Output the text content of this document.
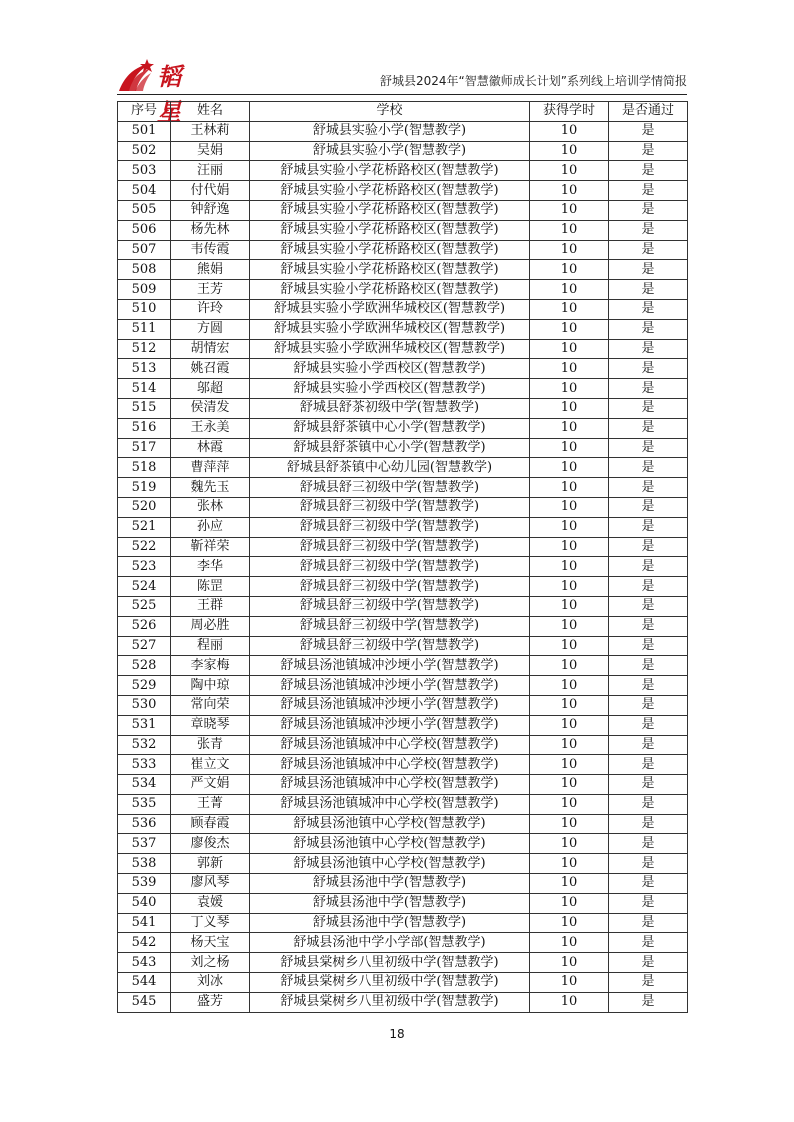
韬星
舒城县2024年“智慧徽师成长计划”系列线上培训学情简报
序号	姓名	学校	获得学时	是否通过
501	王林莉	舒城县实验小学(智慧教学)	10	是
502	吴娟	舒城县实验小学(智慧教学)	10	是
503	汪丽	舒城县实验小学花桥路校区(智慧教学)	10	是
504	付代娟	舒城县实验小学花桥路校区(智慧教学)	10	是
505	钟舒逸	舒城县实验小学花桥路校区(智慧教学)	10	是
506	杨先林	舒城县实验小学花桥路校区(智慧教学)	10	是
507	韦传霞	舒城县实验小学花桥路校区(智慧教学)	10	是
508	熊娟	舒城县实验小学花桥路校区(智慧教学)	10	是
509	王芳	舒城县实验小学花桥路校区(智慧教学)	10	是
510	许玲	舒城县实验小学欧洲华城校区(智慧教学)	10	是
511	方圆	舒城县实验小学欧洲华城校区(智慧教学)	10	是
512	胡情宏	舒城县实验小学欧洲华城校区(智慧教学)	10	是
513	姚召霞	舒城县实验小学西校区(智慧教学)	10	是
514	邬超	舒城县实验小学西校区(智慧教学)	10	是
515	侯清发	舒城县舒茶初级中学(智慧教学)	10	是
516	王永美	舒城县舒茶镇中心小学(智慧教学)	10	是
517	林霞	舒城县舒茶镇中心小学(智慧教学)	10	是
518	曹萍萍	舒城县舒茶镇中心幼儿园(智慧教学)	10	是
519	魏先玉	舒城县舒三初级中学(智慧教学)	10	是
520	张林	舒城县舒三初级中学(智慧教学)	10	是
521	孙应	舒城县舒三初级中学(智慧教学)	10	是
522	靳祥荣	舒城县舒三初级中学(智慧教学)	10	是
523	李华	舒城县舒三初级中学(智慧教学)	10	是
524	陈罡	舒城县舒三初级中学(智慧教学)	10	是
525	王群	舒城县舒三初级中学(智慧教学)	10	是
526	周必胜	舒城县舒三初级中学(智慧教学)	10	是
527	程丽	舒城县舒三初级中学(智慧教学)	10	是
528	李家梅	舒城县汤池镇城冲沙埂小学(智慧教学)	10	是
529	陶中琼	舒城县汤池镇城冲沙埂小学(智慧教学)	10	是
530	常向荣	舒城县汤池镇城冲沙埂小学(智慧教学)	10	是
531	章晓琴	舒城县汤池镇城冲沙埂小学(智慧教学)	10	是
532	张青	舒城县汤池镇城冲中心学校(智慧教学)	10	是
533	崔立文	舒城县汤池镇城冲中心学校(智慧教学)	10	是
534	严文娟	舒城县汤池镇城冲中心学校(智慧教学)	10	是
535	王菁	舒城县汤池镇城冲中心学校(智慧教学)	10	是
536	顾春霞	舒城县汤池镇中心学校(智慧教学)	10	是
537	廖俊杰	舒城县汤池镇中心学校(智慧教学)	10	是
538	郭新	舒城县汤池镇中心学校(智慧教学)	10	是
539	廖风琴	舒城县汤池中学(智慧教学)	10	是
540	袁媛	舒城县汤池中学(智慧教学)	10	是
541	丁义琴	舒城县汤池中学(智慧教学)	10	是
542	杨天宝	舒城县汤池中学小学部(智慧教学)	10	是
543	刘之杨	舒城县棠树乡八里初级中学(智慧教学)	10	是
544	刘冰	舒城县棠树乡八里初级中学(智慧教学)	10	是
545	盛芳	舒城县棠树乡八里初级中学(智慧教学)	10	是
18
